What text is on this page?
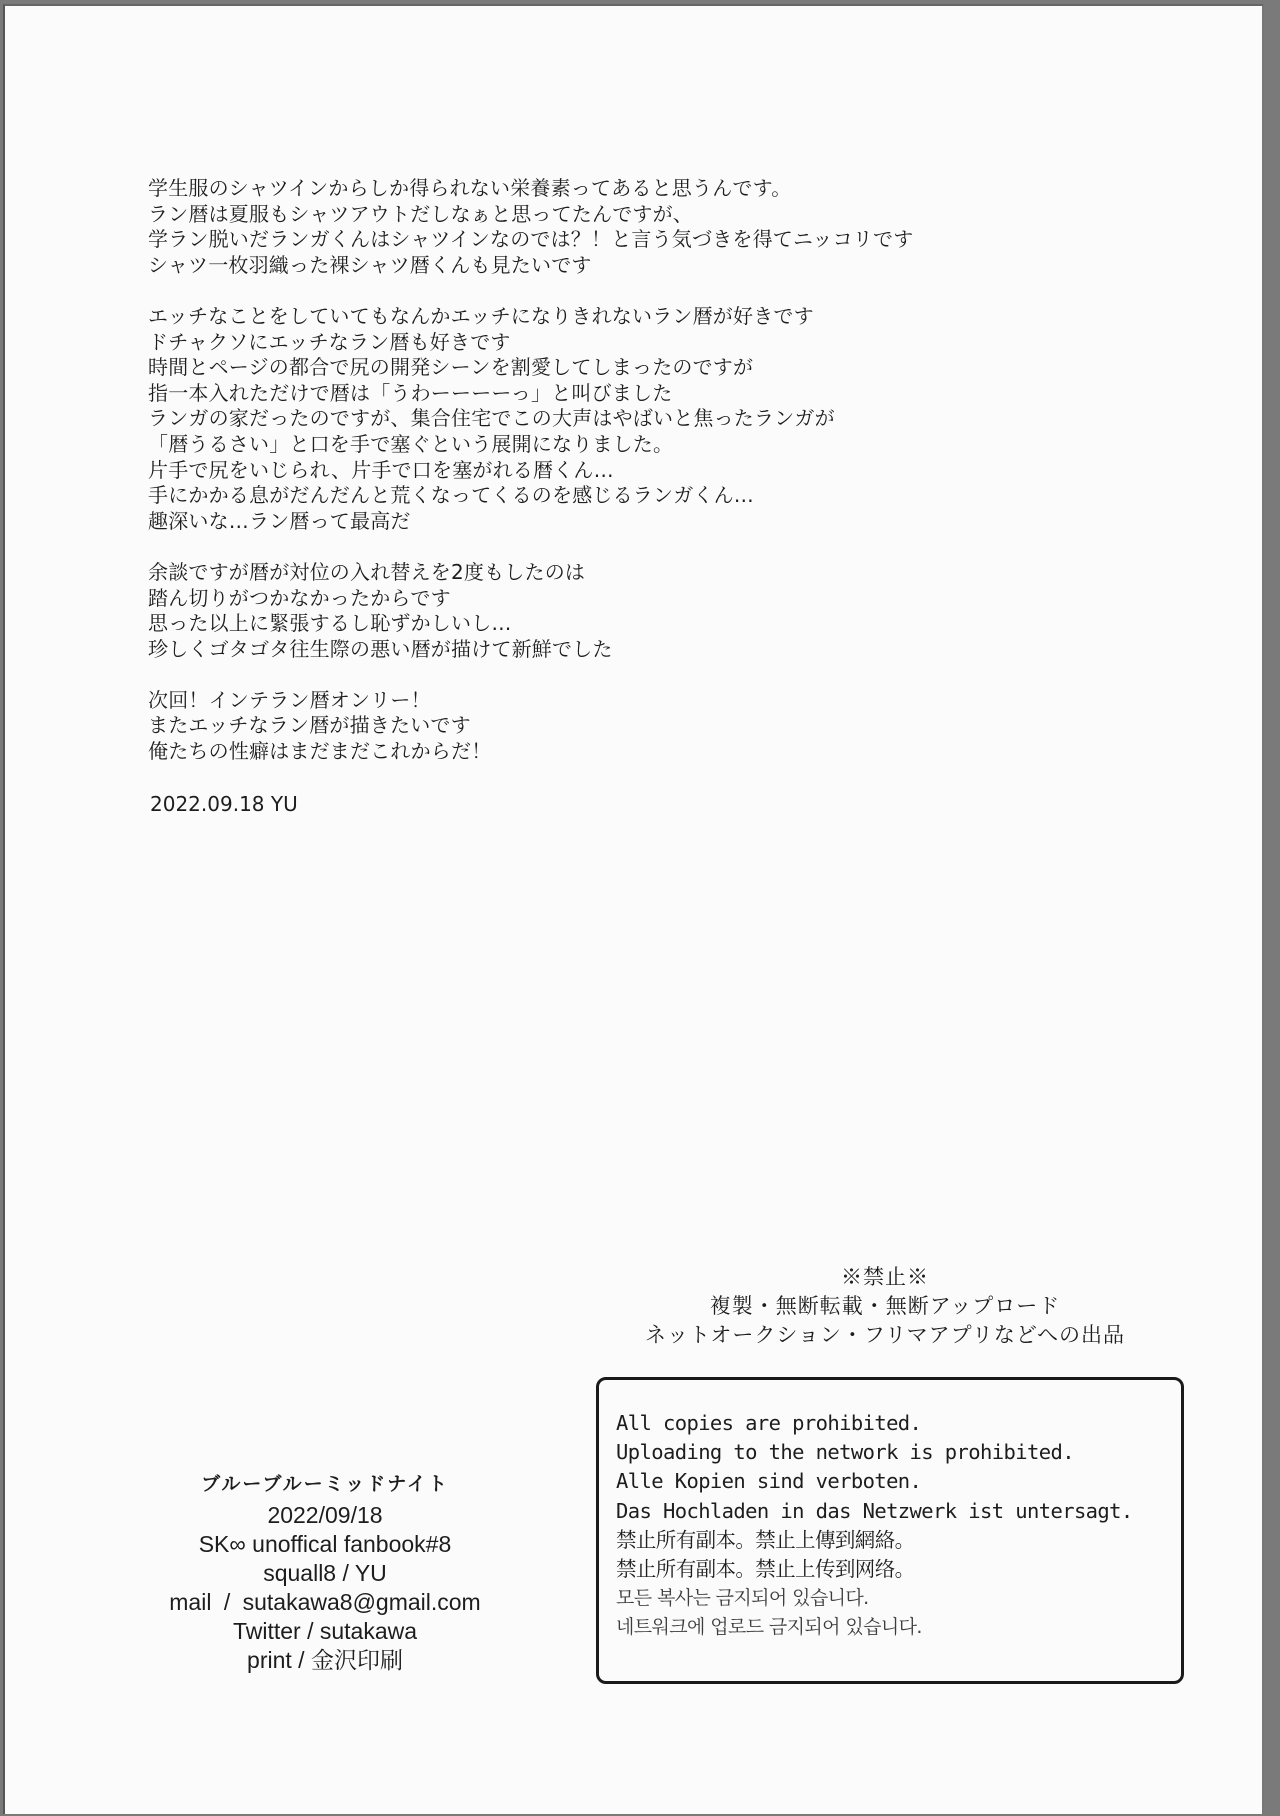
学生服のシャツインからしか得られない栄養素ってあると思うんです。
ラン暦は夏服もシャツアウトだしなぁと思ってたんですが、
学ラン脱いだランガくんはシャツインなのでは？！と言う気づきを得てニッコリです
シャツ一枚羽織った裸シャツ暦くんも見たいです
エッチなことをしていてもなんかエッチになりきれないラン暦が好きです
ドチャクソにエッチなラン暦も好きです
時間とページの都合で尻の開発シーンを割愛してしまったのですが
指一本入れただけで暦は「うわーーーーっ」と叫びました
ランガの家だったのですが、集合住宅でこの大声はやばいと焦ったランガが
「暦うるさい」と口を手で塞ぐという展開になりました。
片手で尻をいじられ、片手で口を塞がれる暦くん…
手にかかる息がだんだんと荒くなってくるのを感じるランガくん…
趣深いな…ラン暦って最高だ
余談ですが暦が対位の入れ替えを2度もしたのは
踏ん切りがつかなかったからです
思った以上に緊張するし恥ずかしいし…
珍しくゴタゴタ往生際の悪い暦が描けて新鮮でした
次回！インテラン暦オンリー！
またエッチなラン暦が描きたいです
俺たちの性癖はまだまだこれからだ！
2022.09.18 YU
※禁止※
複製・無断転載・無断アップロード
ネットオークション・フリマアプリなどへの出品
All copies are prohibited.
Uploading to the network is prohibited.
Alle Kopien sind verboten.
Das Hochladen in das Netzwerk ist untersagt.
禁止所有副本。禁止上傳到網絡。
禁止所有副本。禁止上传到网络。
모든 복사는 금지되어 있습니다.
네트워크에 업로드 금지되어 있습니다.
ブルーブルーミッドナイト
2022/09/18
SK∞ unoffical fanbook#8
squall8 / YU
mail / sutakawa8@gmail.com
Twitter / sutakawa
print / 金沢印刷
